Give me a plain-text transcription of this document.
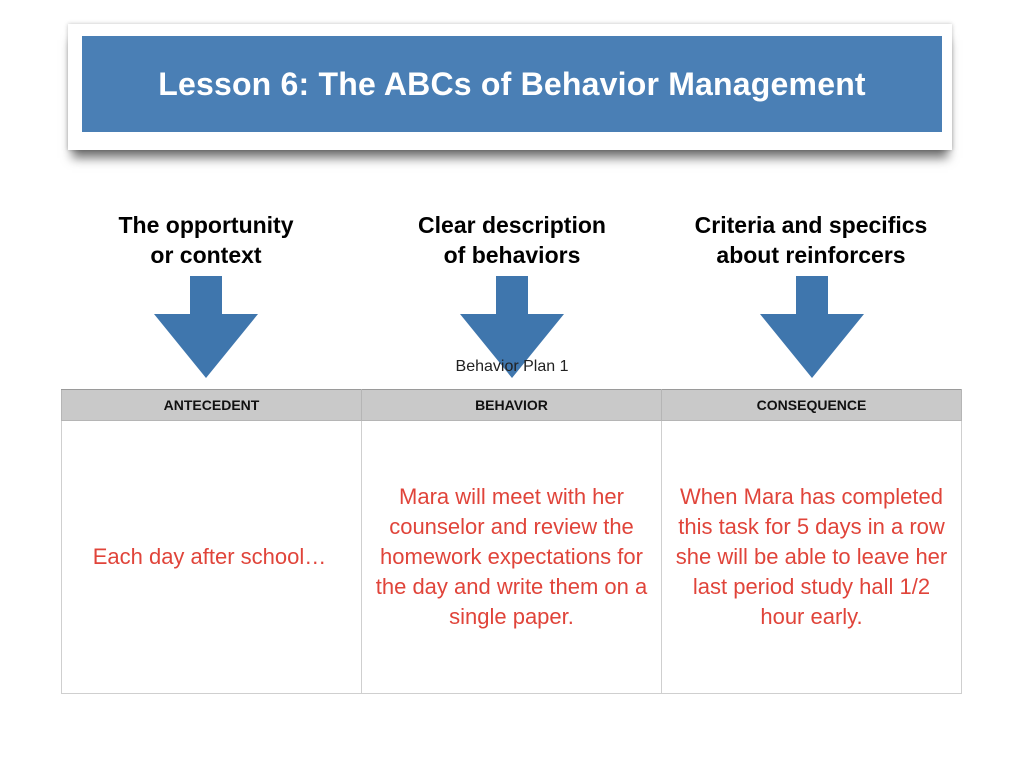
Lesson 6: The ABCs of Behavior Management
The opportunity
or context
Clear description
of behaviors
Criteria and specifics
about reinforcers
Behavior Plan 1
ANTECEDENT	BEHAVIOR	CONSEQUENCE
Each day after school…	Mara will meet with her counselor and review the homework expectations for the day and write them on a single paper.	When Mara has completed this task for 5 days in a row she will be able to leave her last period study hall 1/2 hour early.
